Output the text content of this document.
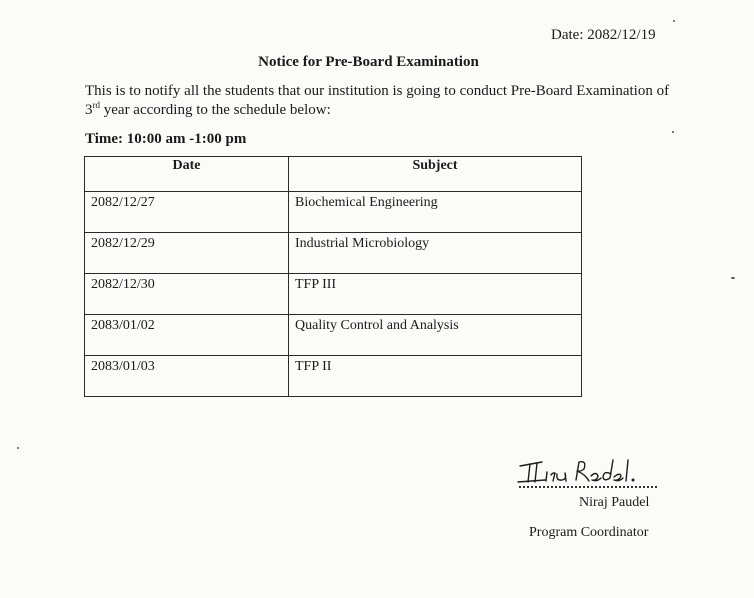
Date: 2082/12/19
Notice for Pre-Board Examination
This is to notify all the students that our institution is going to conduct Pre-Board Examination of 3rd year according to the schedule below:
Time: 10:00 am -1:00 pm
Date	Subject
2082/12/27	Biochemical Engineering
2082/12/29	Industrial Microbiology
2082/12/30	TFP III
2083/01/02	Quality Control and Analysis
2083/01/03	TFP II
Niraj Paudel
Program Coordinator
